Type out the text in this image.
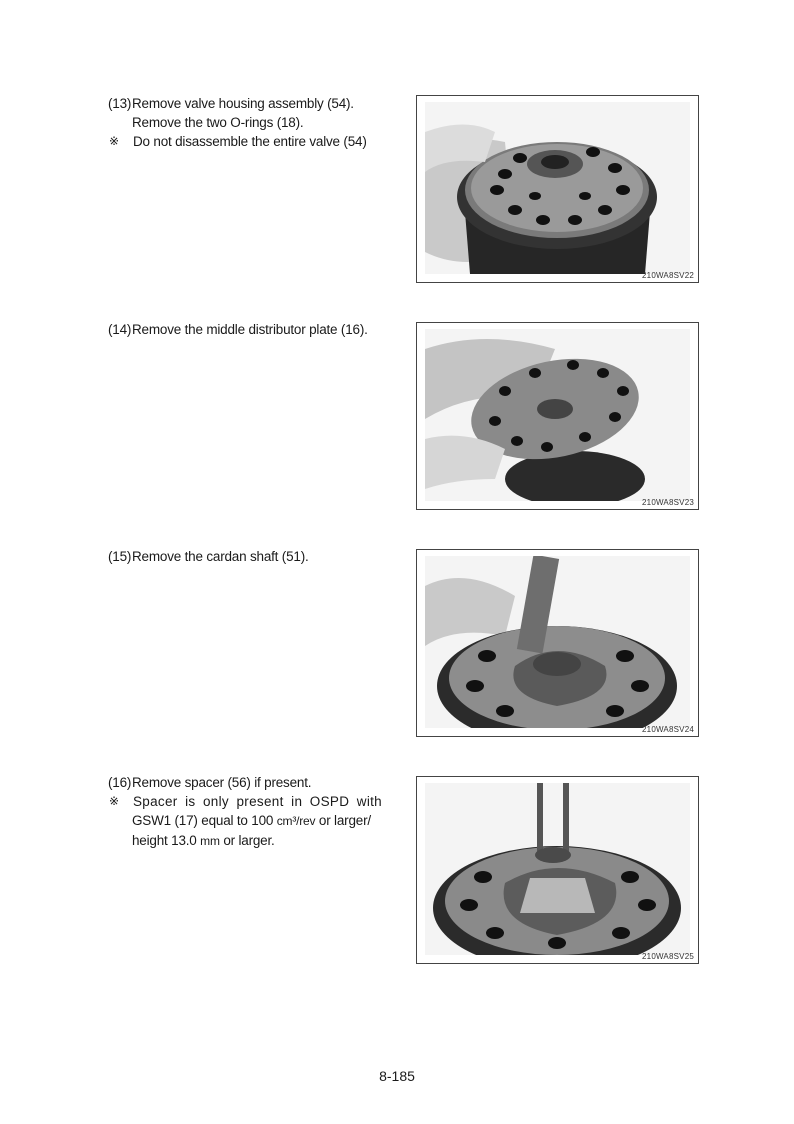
(13) Remove valve housing assembly (54).
Remove the two O-rings (18).
※	Do not disassemble the entire valve (54)
210WA8SV22
(14) Remove the middle distributor plate (16).
210WA8SV23
(15) Remove the cardan shaft (51).
210WA8SV24
(16) Remove spacer (56) if present.
※	Spacer is only present in OSPD with
GSW1 (17) equal to 100 cm³/rev or larger/
height 13.0 mm or larger.
210WA8SV25
8-185
